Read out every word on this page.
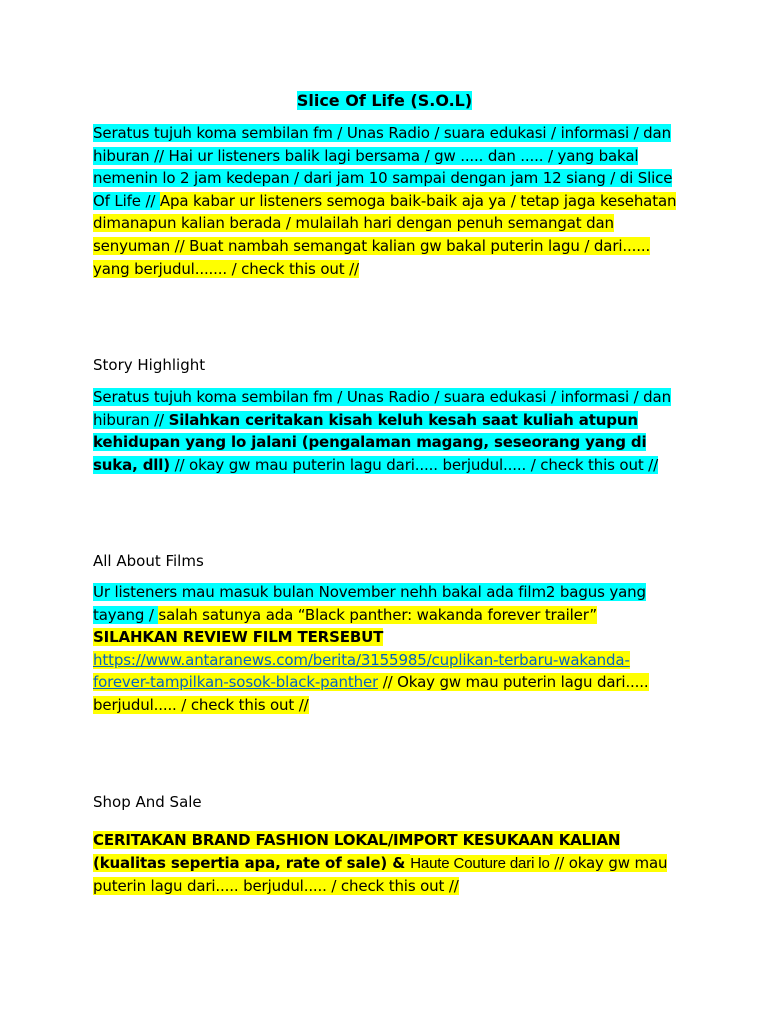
Slice Of Life (S.O.L)
Seratus tujuh koma sembilan fm / Unas Radio / suara edukasi / informasi / dan hiburan // Hai ur listeners balik lagi bersama / gw ..... dan ..... / yang bakal nemenin lo 2 jam kedepan / dari jam 10 sampai dengan jam 12 siang / di Slice Of Life // Apa kabar ur listeners semoga baik-baik aja ya / tetap jaga kesehatan dimanapun kalian berada / mulailah hari dengan penuh semangat dan senyuman // Buat nambah semangat kalian gw bakal puterin lagu / dari...... yang berjudul....... / check this out //
Story Highlight
Seratus tujuh koma sembilan fm / Unas Radio / suara edukasi / informasi / dan hiburan // Silahkan ceritakan kisah keluh kesah saat kuliah atupun kehidupan yang lo jalani (pengalaman magang, seseorang yang di suka, dll) // okay gw mau puterin lagu dari..... berjudul..... / check this out //
All About Films
Ur listeners mau masuk bulan November nehh bakal ada film2 bagus yang tayang / salah satunya ada “Black panther: wakanda forever trailer” SILAHKAN REVIEW FILM TERSEBUT
https://www.antaranews.com/berita/3155985/cuplikan-terbaru-wakanda-forever-tampilkan-sosok-black-panther // Okay gw mau puterin lagu dari..... berjudul..... / check this out //
Shop And Sale
CERITAKAN BRAND FASHION LOKAL/IMPORT KESUKAAN KALIAN (kualitas sepertia apa, rate of sale) & Haute Couture dari lo // okay gw mau puterin lagu dari..... berjudul..... / check this out //
